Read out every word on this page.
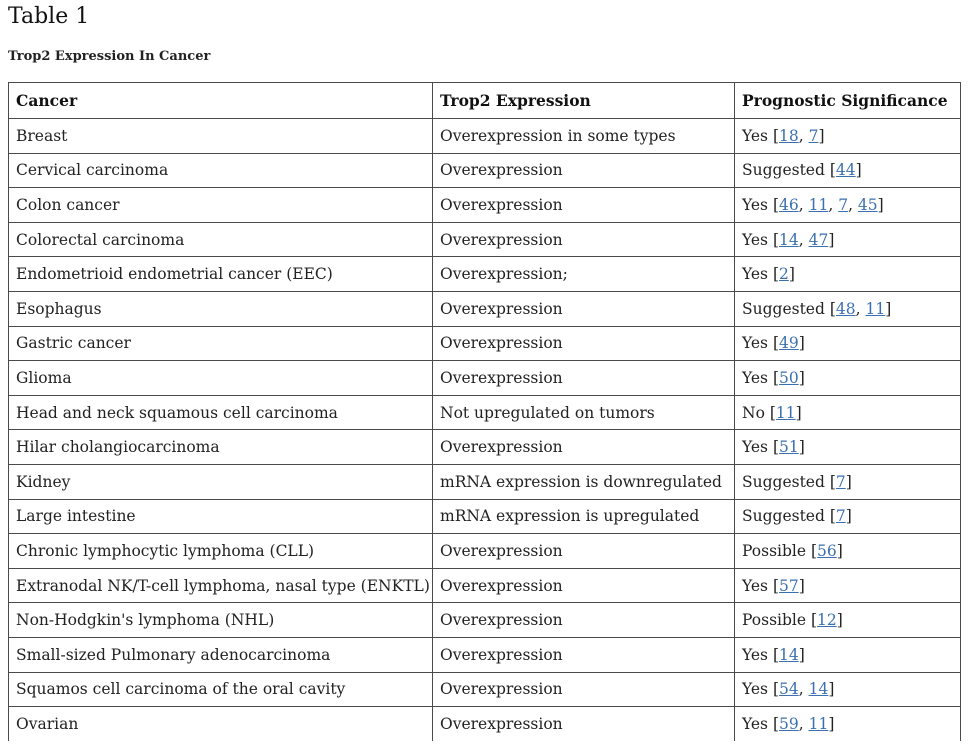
Table 1
Trop2 Expression In Cancer
Cancer	Trop2 Expression	Prognostic Significance
Breast	Overexpression in some types	Yes [18, 7]
Cervical carcinoma	Overexpression	Suggested [44]
Colon cancer	Overexpression	Yes [46, 11, 7, 45]
Colorectal carcinoma	Overexpression	Yes [14, 47]
Endometrioid endometrial cancer (EEC)	Overexpression;	Yes [2]
Esophagus	Overexpression	Suggested [48, 11]
Gastric cancer	Overexpression	Yes [49]
Glioma	Overexpression	Yes [50]
Head and neck squamous cell carcinoma	Not upregulated on tumors	No [11]
Hilar cholangiocarcinoma	Overexpression	Yes [51]
Kidney	mRNA expression is downregulated	Suggested [7]
Large intestine	mRNA expression is upregulated	Suggested [7]
Chronic lymphocytic lymphoma (CLL)	Overexpression	Possible [56]
Extranodal NK/T-cell lymphoma, nasal type (ENKTL)	Overexpression	Yes [57]
Non-Hodgkin's lymphoma (NHL)	Overexpression	Possible [12]
Small-sized Pulmonary adenocarcinoma	Overexpression	Yes [14]
Squamos cell carcinoma of the oral cavity	Overexpression	Yes [54, 14]
Ovarian	Overexpression	Yes [59, 11]
